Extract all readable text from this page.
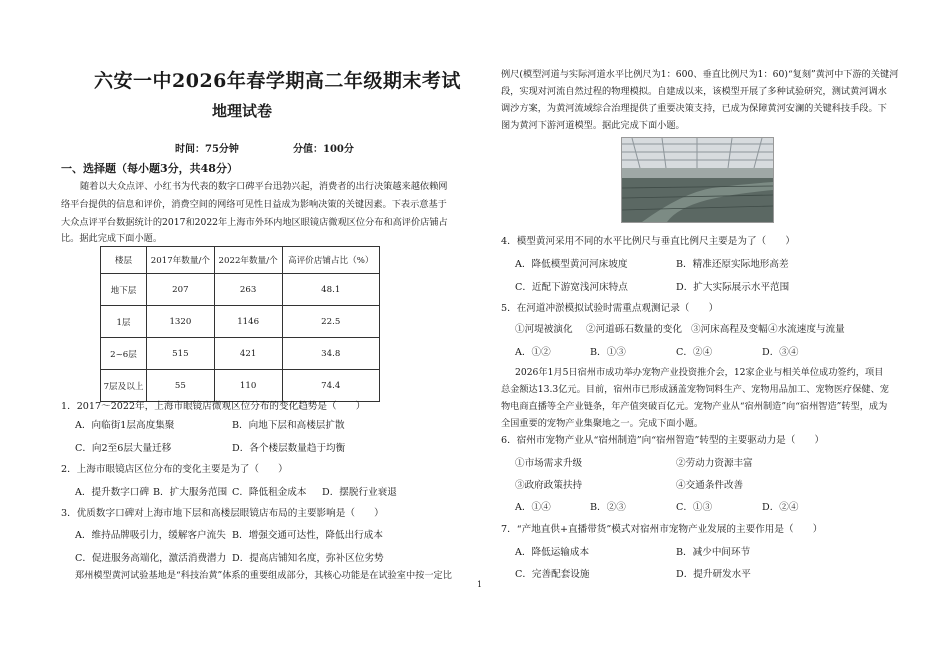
六安一中2026年春学期高二年级期末考试
地理试卷
时间：75分钟	分值：100分
一、选择题（每小题3分，共48分）
随着以大众点评、小红书为代表的数字口碑平台迅勃兴起，消费者的出行决策越来越依赖网
络平台提供的信息和评价，消费空间的网络可见性日益成为影响决策的关键因素。下表示意基于
大众点评平台数据统计的2017和2022年上海市外环内地区眼镜店微观区位分布和高评价店铺占
比。据此完成下面小题。
楼层	2017年数量/个	2022年数量/个	高评价店铺占比（%）
地下层	207	263	48.1
1层	1320	1146	22.5
2~6层	515	421	34.8
7层及以上	55	110	74.4
1．2017～2022年，上海市眼镜店微观区位分布的变化趋势是（　　）
A．向临街1层高度集聚	B．向地下层和高楼层扩散
C．向2至6层大量迁移	D．各个楼层数量趋于均衡
2．上海市眼镜店区位分布的变化主要是为了（　　）
A．提升数字口碑 B．扩大服务范围 C．降低租金成本 D．摆脱行业衰退
3．优质数字口碑对上海市地下层和高楼层眼镜店布局的主要影响是（　　）
A．维持品牌吸引力，缓解客户流失 B．增强交通可达性，降低出行成本
C．促进服务高端化，激活消费潜力 D．提高店铺知名度，弥补区位劣势
郑州模型黄河试验基地是“科技治黄”体系的重要组成部分，其核心功能是在试验室中按一定比
1
例尺(模型河道与实际河道水平比例尺为1：600、垂直比例尺为1：60)“复刻”黄河中下游的关键河
段，实现对河流自然过程的物理模拟。自建成以来，该模型开展了多种试验研究，测试黄河调水
调沙方案，为黄河流域综合治理提供了重要决策支持，已成为保障黄河安澜的关键科技手段。下
图为黄河下游河道模型。据此完成下面小题。
4．模型黄河采用不同的水平比例尺与垂直比例尺主要是为了（　　）
A．降低模型黄河河床坡度	B．精准还原实际地形高差
C．近配下游宽浅河床特点	D．扩大实际展示水平范围
5．在河道冲淤模拟试验时需重点观测记录（　　）
①河堤被演化 ②河道砾石数量的变化 ③河床高程及变幅 ④水流速度与流量
A．①②	B．①③	C．②④	D．③④
2026年1月5日宿州市成功举办宠物产业投资推介会，12家企业与相关单位成功签约，项目
总金额达13.3亿元。目前，宿州市已形成涵盖宠物饲料生产、宠物用品加工、宠物医疗保健、宠
物电商直播等全产业链条，年产值突破百亿元。宠物产业从“宿州制造”向“宿州智造”转型，成为
全国重要的宠物产业集聚地之一。完成下面小题。
6．宿州市宠物产业从“宿州制造”向“宿州智造”转型的主要驱动力是（　　）
①市场需求升级	②劳动力资源丰富
③政府政策扶持	④交通条件改善
A．①④	B．②③	C．①③	D．②④
7．“产地直供+直播带货”模式对宿州市宠物产业发展的主要作用是（　　）
A．降低运输成本	B．减少中间环节
C．完善配套设施	D．提升研发水平
